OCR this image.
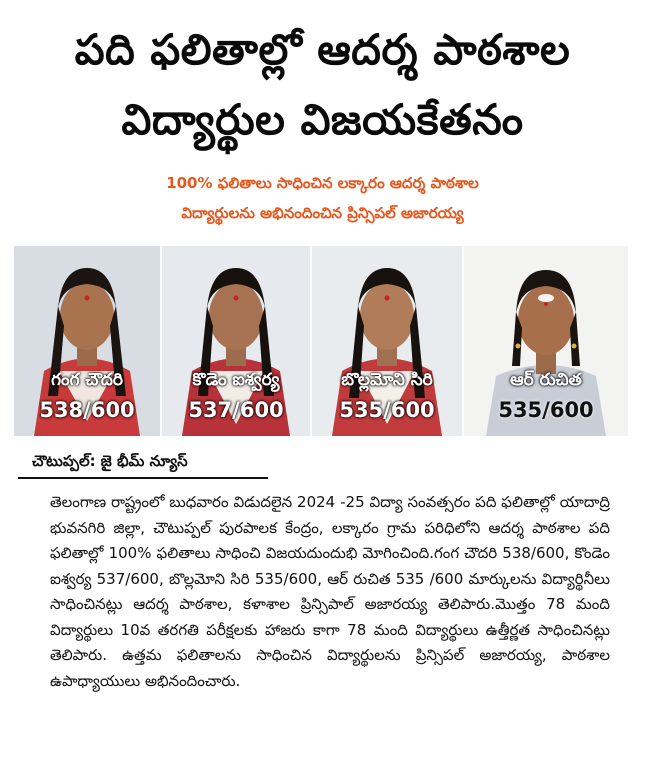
పది ఫలితాల్లో ఆదర్శ పాఠశాల
విద్యార్థుల విజయకేతనం
100% ఫలితాలు సాధించిన లక్కారం ఆదర్శ పాఠశాల
విద్యార్థులను అభినందించిన ప్రిన్సిపల్ అజారయ్య
గంగ చౌదరి
538/600
కొడెం ఐశ్వర్య
537/600
బొల్లమోని సిరి
535/600
ఆర్ రుచిత
535/600
చౌటుప్పల్: జై భీమ్ న్యూస్

తెలంగాణ రాష్ట్రంలో బుధవారం విడుదలైన 2024 -25 విద్యా సంవత్సరం పది ఫలితాల్లో యాదాద్రి భువనగిరి జిల్లా, చౌటుప్పల్ పురపాలక కేంద్రం, లక్కారం గ్రామ పరిధిలోని ఆదర్శ పాఠశాల పది ఫలితాల్లో 100% ఫలితాలు సాధించి విజయదుందుభి మోగించింది.గంగ చౌదరి 538/600, కొండెం ఐశ్వర్య 537/600, బొల్లమోని సిరి 535/600, ఆర్ రుచిత 535 /600 మార్కులను విద్యార్థినీలు సాధించినట్లు ఆదర్శ పాఠశాల, కళాశాల ప్రిన్సిపాల్ అజారయ్య తెలిపారు.మొత్తం 78 మంది విద్యార్థులు 10వ తరగతి పరీక్షలకు హాజరు కాగా 78 మంది విద్యార్థులు ఉత్తీర్ణత సాధించినట్లు తెలిపారు. ఉత్తమ ఫలితాలను సాధించిన విద్యార్థులను ప్రిన్సిపల్ అజారయ్య, పాఠశాల ఉపాధ్యాయులు అభినందించారు.
